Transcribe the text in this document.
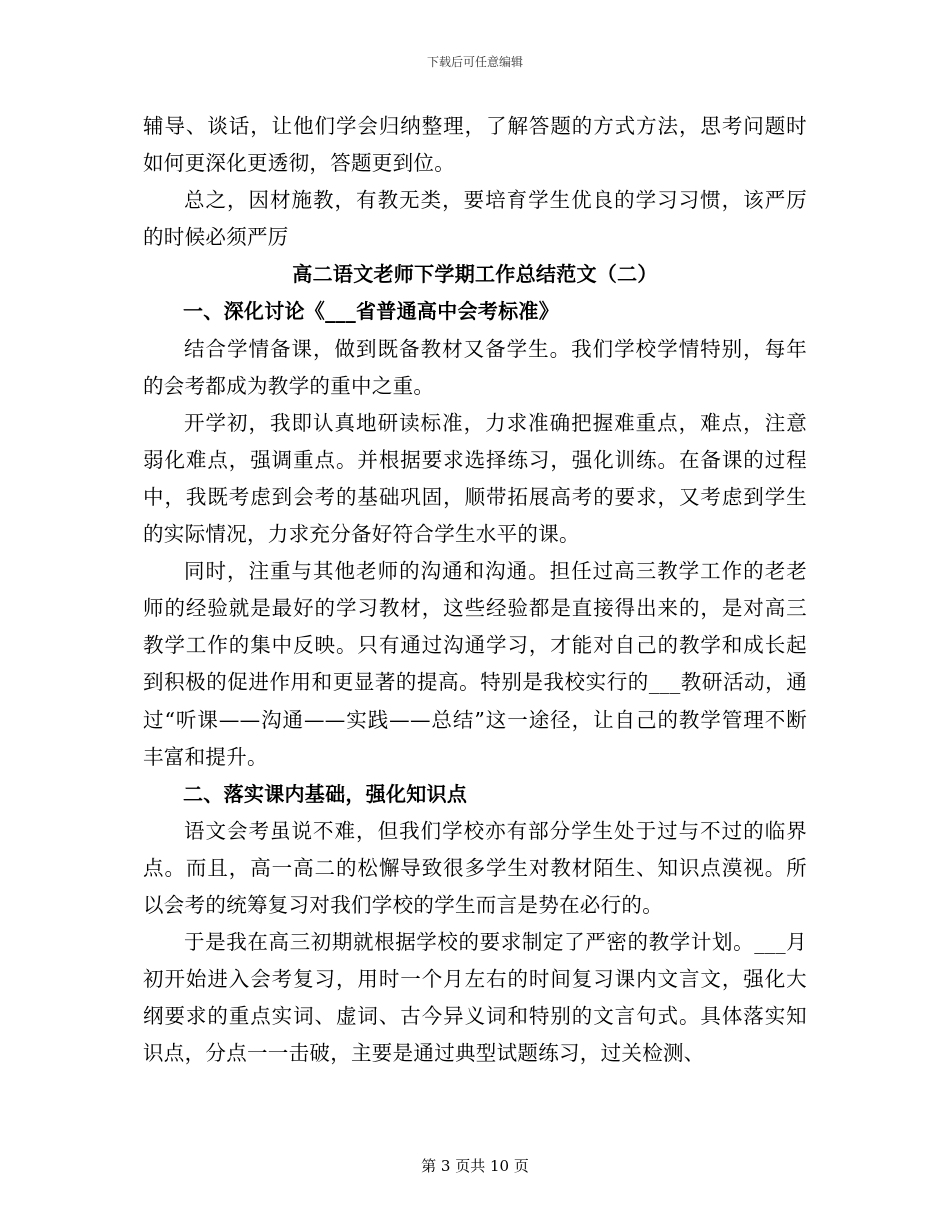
下载后可任意编辑

辅导、谈话，让他们学会归纳整理，了解答题的方式方法，思考问题时如何更深化更透彻，答题更到位。

总之，因材施教，有教无类，要培育学生优良的学习习惯，该严厉的时候必须严厉

高二语文老师下学期工作总结范文（二）

一、深化讨论《___省普通高中会考标准》

结合学情备课，做到既备教材又备学生。我们学校学情特别，每年的会考都成为教学的重中之重。

开学初，我即认真地研读标准，力求准确把握难重点，难点，注意弱化难点，强调重点。并根据要求选择练习，强化训练。在备课的过程中，我既考虑到会考的基础巩固，顺带拓展高考的要求，又考虑到学生的实际情况，力求充分备好符合学生水平的课。

同时，注重与其他老师的沟通和沟通。担任过高三教学工作的老老师的经验就是最好的学习教材，这些经验都是直接得出来的，是对高三教学工作的集中反映。只有通过沟通学习，才能对自己的教学和成长起到积极的促进作用和更显著的提高。特别是我校实行的___教研活动，通过“听课——沟通——实践——总结”这一途径，让自己的教学管理不断丰富和提升。

二、落实课内基础，强化知识点

语文会考虽说不难，但我们学校亦有部分学生处于过与不过的临界点。而且，高一高二的松懈导致很多学生对教材陌生、知识点漠视。所以会考的统筹复习对我们学校的学生而言是势在必行的。

于是我在高三初期就根据学校的要求制定了严密的教学计划。___月初开始进入会考复习，用时一个月左右的时间复习课内文言文，强化大纲要求的重点实词、虚词、古今异义词和特别的文言句式。具体落实知识点，分点一一击破，主要是通过典型试题练习，过关检测、

第 3 页共 10 页
